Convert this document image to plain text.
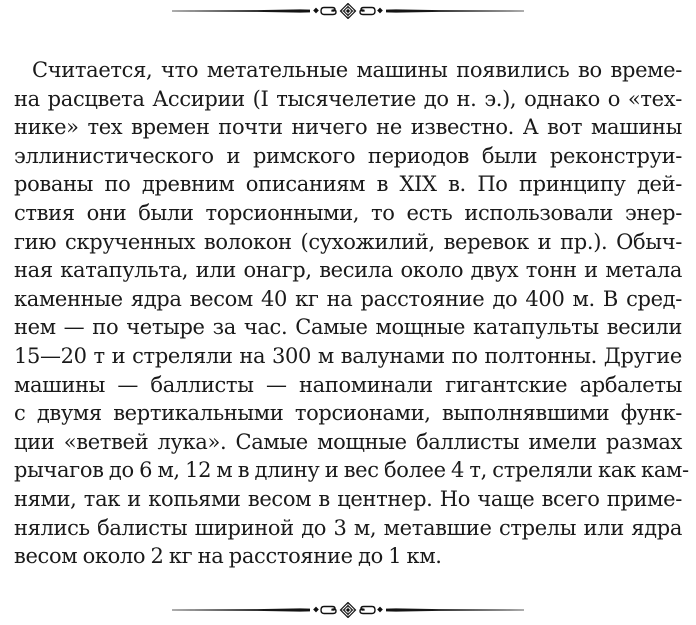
Считается, что метательные машины появились во време-
на расцвета Ассирии (I тысячелетие до н. э.), однако о «тех-
нике» тех времен почти ничего не известно. А вот машины
эллинистического и римского периодов были реконструи-
рованы по древним описаниям в XIX в. По принципу дей-
ствия они были торсионными, то есть использовали энер-
гию скрученных волокон (сухожилий, веревок и пр.). Обыч-
ная катапульта, или онагр, весила около двух тонн и метала
каменные ядра весом 40 кг на расстояние до 400 м. В сред-
нем — по четыре за час. Самые мощные катапульты весили
15—20 т и стреляли на 300 м валунами по полтонны. Другие
машины — баллисты — напоминали гигантские арбалеты
с двумя вертикальными торсионами, выполнявшими функ-
ции «ветвей лука». Самые мощные баллисты имели размах
рычагов до 6 м, 12 м в длину и вес более 4 т, стреляли как кам-
нями, так и копьями весом в центнер. Но чаще всего приме-
нялись балисты шириной до 3 м, метавшие стрелы или ядра
весом около 2 кг на расстояние до 1 км.
